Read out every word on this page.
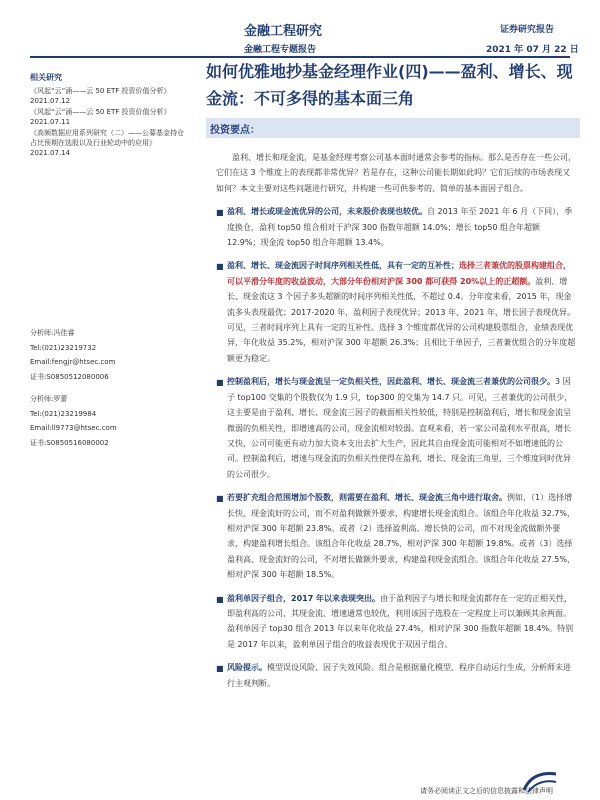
金融工程研究
金融工程专题报告
证券研究报告
2021 年 07 月 22 日
如何优雅地抄基金经理作业(四)——盈利、增长、现金流：不可多得的基本面三角
投资要点：
相关研究
《风起“云”涌——云 50 ETF 投资价值分析》2021.07.12
《风起“云”涌——云 50 ETF 投资价值分析》2021.07.11
《高频数据应用系列研究（二）——公募基金持仓占比预期在选股以及行业轮动中的应用》2021.07.14
分析师:冯佳睿
Tel:(021)23219732
Email:fengjr@htsec.com
证书:S0850512080006
分析师:罗蕾
Tel:(021)23219984
Email:ll9773@htsec.com
证书:S0850516080002

盈利、增长和现金流，是基金经理考察公司基本面时通常会参考的指标。那么是否存在一些公司，它们在这 3 个维度上的表现都非常优异？若是存在，这种公司能长期如此吗？它们后续的市场表现又如何？本文主要对这些问题进行研究，并构建一些可供参考的、简单的基本面因子组合。

■ 盈利、增长或现金流优异的公司，未来股价表现也较优。自 2013 年至 2021 年 6 月（下同），季度换仓，盈利 top50 组合相对于沪深 300 指数年超额 14.0%；增长 top50 组合年超额 12.9%；现金流 top50 组合年超额 13.4%。

■ 盈利、增长、现金流因子时间序列相关性低，具有一定的互补性；选择三者兼优的股票构建组合，可以平滑分年度的收益波动，大部分年份相对沪深 300 都可获得 20%以上的正超额。盈利、增长、现金流这 3 个因子多头超额的时间序列相关性低，不超过 0.4。分年度来看，2015 年，现金流多头表现最优；2017-2020 年，盈利因子表现优异；2013 年、2021 年，增长因子表现优异。可见，三者时间序列上具有一定的互补性。选择 3 个维度都优异的公司构建股票组合，业绩表现优异，年化收益 35.2%，相对沪深 300 年超额 26.3%；且相比于单因子，三者兼优组合的分年度超额更为稳定。

■ 控制盈利后，增长与现金流呈一定负相关性，因此盈利、增长、现金流三者兼优的公司很少。3 因子 top100 交集的个股数仅为 1.9 只，top300 的交集为 14.7 只。可见，三者兼优的公司很少，这主要是由于盈利、增长、现金流三因子的截面相关性较低，特别是控制盈利后，增长和现金流呈微弱的负相关性，即增速高的公司，现金流相对较弱。直观来看，若一家公司盈利水平很高，增长又快，公司可能更有动力加大资本支出去扩大生产，因此其自由现金流可能相对不如增速低的公司。控制盈利后，增速与现金流的负相关性使得在盈利、增长、现金流三角里，三个维度同时优异的公司很少。

■ 若要扩充组合范围增加个股数，则需要在盈利、增长、现金流三角中进行取舍。例如，（1）选择增长快、现金流好的公司，而不对盈利做额外要求，构建增长现金流组合。该组合年化收益 32.7%，相对沪深 300 年超额 23.8%。或者（2）选择盈利高、增长快的公司，而不对现金流做额外要求，构建盈利增长组合。该组合年化收益 28.7%，相对沪深 300 年超额 19.8%。或者（3）选择盈利高、现金流好的公司，不对增长做额外要求，构建盈利现金流组合。该组合年化收益 27.5%，相对沪深 300 年超额 18.5%。

■ 盈利单因子组合，2017 年以来表现突出。由于盈利因子与增长和现金流都存在一定的正相关性，即盈利高的公司，其现金流、增速通常也较优，利用该因子选股在一定程度上可以兼顾其余两面。盈利单因子 top30 组合 2013 年以来年化收益 27.4%，相对沪深 300 指数年超额 18.4%。特别是 2017 年以来，盈利单因子组合的收益表现优于双因子组合。

■ 风险提示。模型误设风险、因子失效风险。组合是根据量化模型、程序自动运行生成，分析师未进行主观判断。

请务必阅读正文之后的信息披露和法律声明
